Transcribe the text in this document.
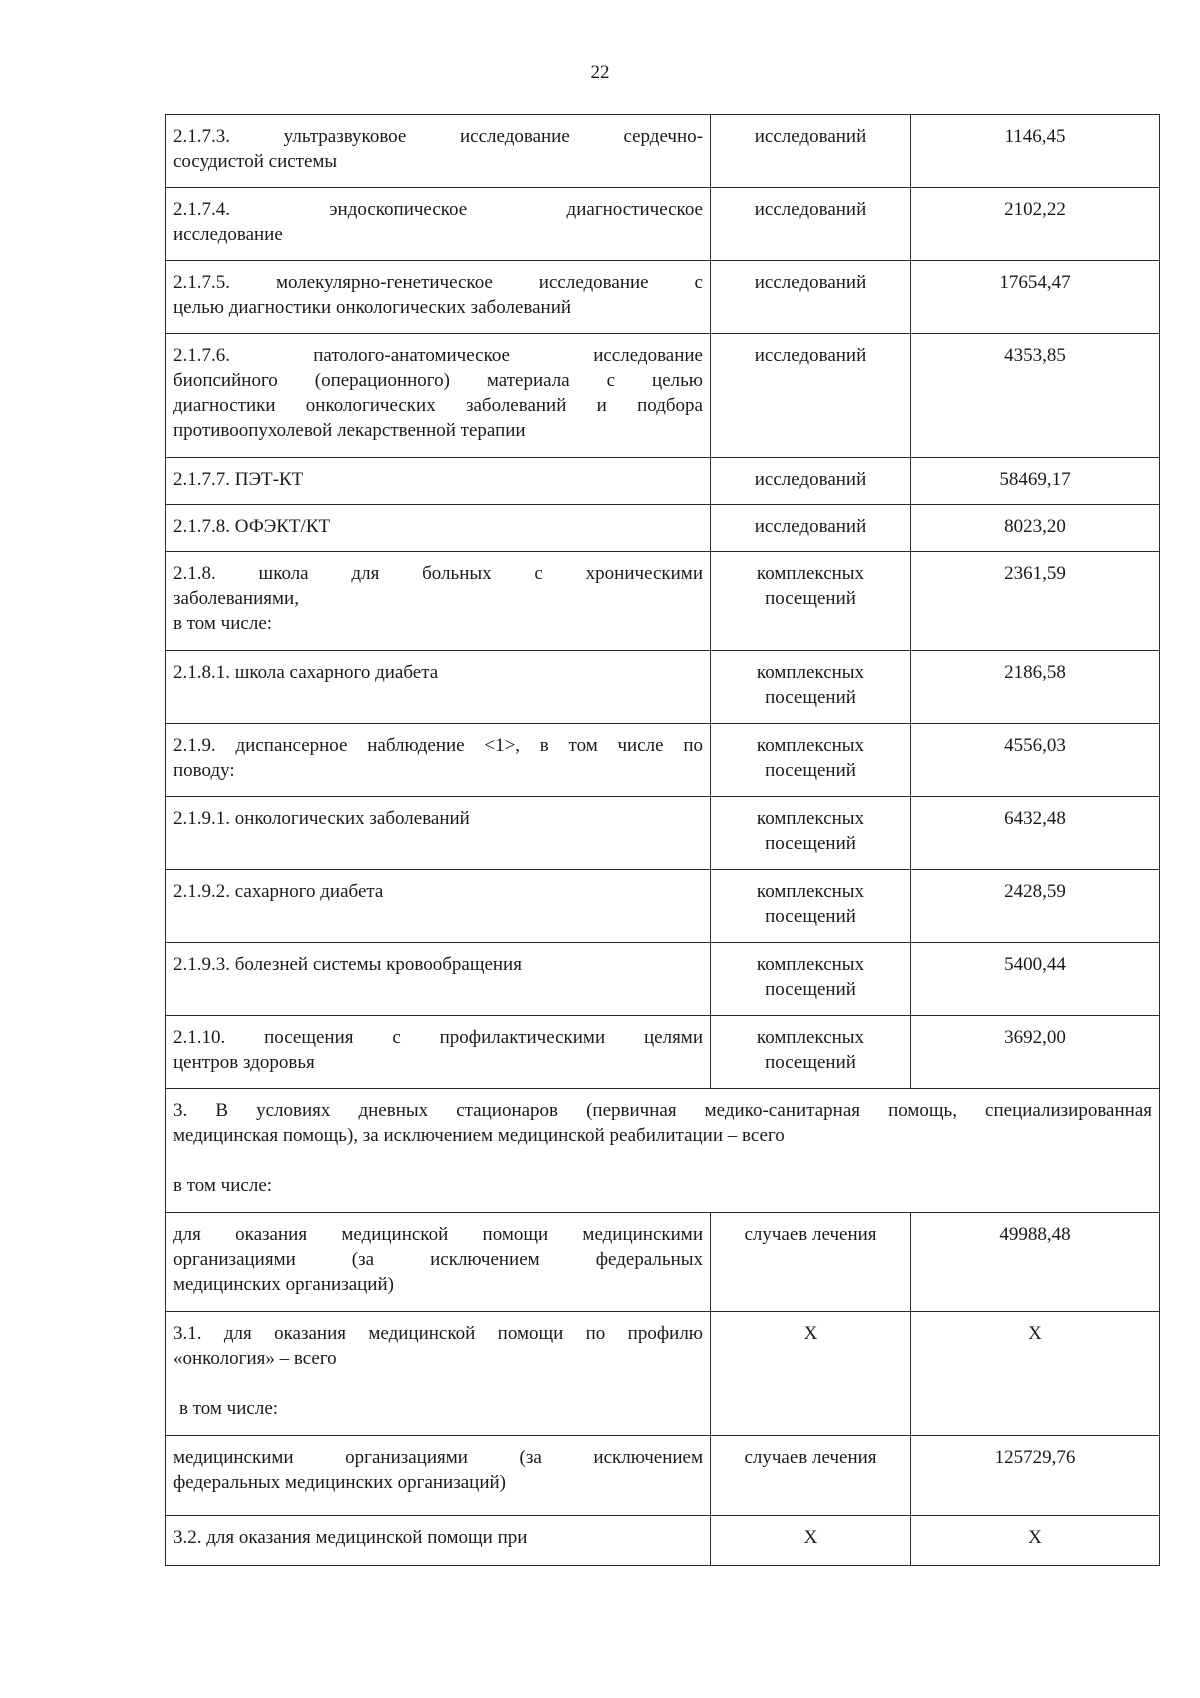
22
2.1.7.3. ультразвуковое исследование сердечно-
сосудистой системы	исследований	1146,45

2.1.7.4. эндоскопическое диагностическое
исследование	исследований	2102,22

2.1.7.5. молекулярно-генетическое исследование с
целью диагностики онкологических заболеваний	исследований	17654,47

2.1.7.6. патолого-анатомическое исследование
биопсийного (операционного) материала с целью
диагностики онкологических заболеваний и подбора
противоопухолевой лекарственной терапии	исследований	4353,85

2.1.7.7. ПЭТ-КТ	исследований	58469,17

2.1.7.8. ОФЭКТ/КТ	исследований	8023,20

2.1.8. школа для больных с хроническими
заболеваниями,
в том числе:	комплексных посещений	2361,59

2.1.8.1. школа сахарного диабета	комплексных посещений	2186,58

2.1.9. диспансерное наблюдение <1>, в том числе по
поводу:	комплексных посещений	4556,03

2.1.9.1. онкологических заболеваний	комплексных посещений	6432,48

2.1.9.2. сахарного диабета	комплексных посещений	2428,59

2.1.9.3. болезней системы кровообращения	комплексных посещений	5400,44

2.1.10. посещения с профилактическими целями
центров здоровья	комплексных посещений	3692,00

3. В условиях дневных стационаров (первичная медико-санитарная помощь, специализированная
медицинская помощь), за исключением медицинской реабилитации – всего
в том числе:		

для оказания медицинской помощи медицинскими
организациями (за исключением федеральных
медицинских организаций)	случаев лечения	49988,48

3.1. для оказания медицинской помощи по профилю
«онкология» – всего
в том числе:	X	X

медицинскими организациями (за исключением
федеральных медицинских организаций)	случаев лечения	125729,76

3.2. для оказания медицинской помощи при	X	X
